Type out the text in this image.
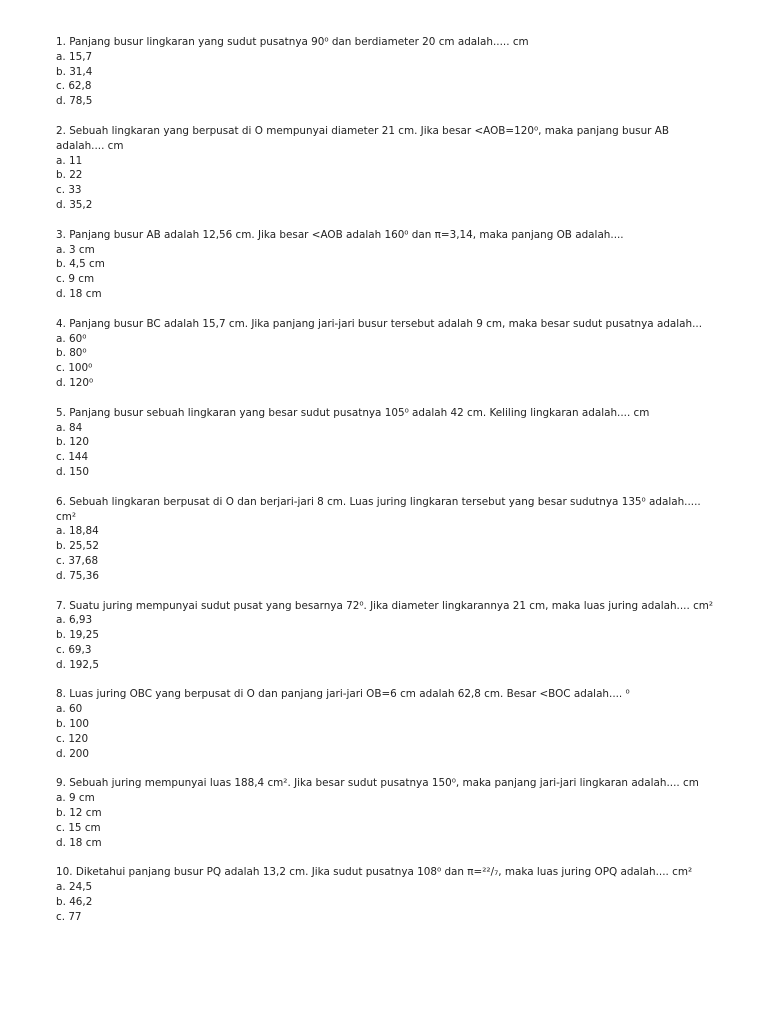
1. Panjang busur lingkaran yang sudut pusatnya 90⁰ dan berdiameter 20 cm adalah..... cm
a. 15,7
b. 31,4
c. 62,8
d. 78,5
2. Sebuah lingkaran yang berpusat di O mempunyai diameter 21 cm. Jika besar <AOB=120⁰, maka panjang busur AB adalah.... cm
a. 11
b. 22
c. 33
d. 35,2
3. Panjang busur AB adalah 12,56 cm. Jika besar <AOB adalah 160⁰ dan π=3,14, maka panjang OB adalah....
a. 3 cm
b. 4,5 cm
c. 9 cm
d. 18 cm
4. Panjang busur BC adalah 15,7 cm. Jika panjang jari-jari busur tersebut adalah 9 cm, maka besar sudut pusatnya adalah...
a. 60⁰
b. 80⁰
c. 100⁰
d. 120⁰
5. Panjang busur sebuah lingkaran yang besar sudut pusatnya 105⁰ adalah 42 cm. Keliling lingkaran adalah.... cm
a. 84
b. 120
c. 144
d. 150
6. Sebuah lingkaran berpusat di O dan berjari-jari 8 cm. Luas juring lingkaran tersebut yang besar sudutnya 135⁰ adalah..... cm²
a. 18,84
b. 25,52
c. 37,68
d. 75,36
7. Suatu juring mempunyai sudut pusat yang besarnya 72⁰. Jika diameter lingkarannya 21 cm, maka luas juring adalah.... cm²
a. 6,93
b. 19,25
c. 69,3
d. 192,5
8. Luas juring OBC yang berpusat di O dan panjang jari-jari OB=6 cm adalah 62,8 cm. Besar <BOC adalah.... ⁰
a. 60
b. 100
c. 120
d. 200
9. Sebuah juring mempunyai luas 188,4 cm². Jika besar sudut pusatnya 150⁰, maka panjang jari-jari lingkaran adalah.... cm
a. 9 cm
b. 12 cm
c. 15 cm
d. 18 cm
10. Diketahui panjang busur PQ adalah 13,2 cm. Jika sudut pusatnya 108⁰ dan π=²²/₇, maka luas juring OPQ adalah.... cm²
a. 24,5
b. 46,2
c. 77
